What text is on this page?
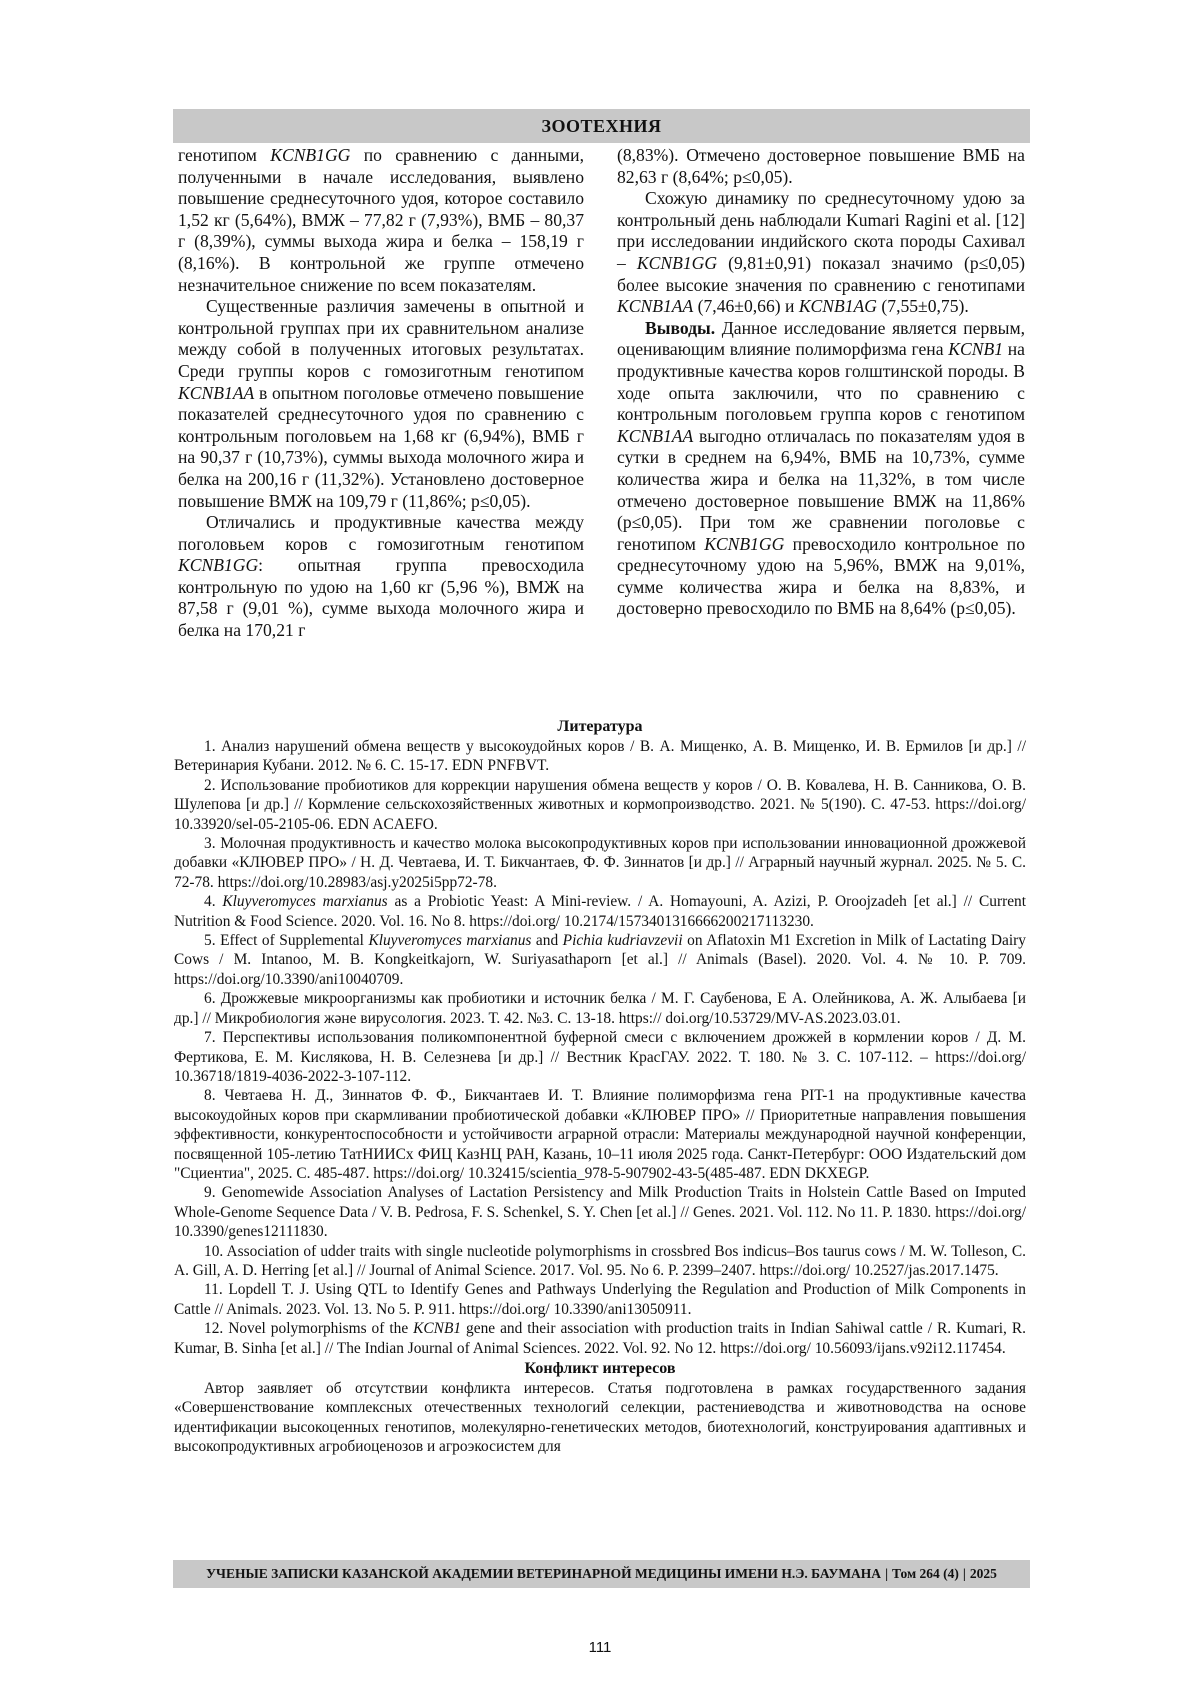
ЗООТЕХНИЯ

генотипом KCNB1GG по сравнению с данными, полученными в начале исследования, выявлено повышение среднесуточного удоя, которое составило 1,52 кг (5,64%), ВМЖ – 77,82 г (7,93%), ВМБ – 80,37 г (8,39%), суммы выхода жира и белка – 158,19 г (8,16%). В контрольной же группе отмечено незначительное снижение по всем показателям.

Существенные различия замечены в опытной и контрольной группах при их сравнительном анализе между собой в полученных итоговых результатах. Среди группы коров с гомозиготным генотипом KCNB1AA в опытном поголовье отмечено повышение показателей среднесуточного удоя по сравнению с контрольным поголовьем на 1,68 кг (6,94%), ВМБ г на 90,37 г (10,73%), суммы выхода молочного жира и белка на 200,16 г (11,32%). Установлено достоверное повышение ВМЖ на 109,79 г (11,86%; p≤0,05).

Отличались и продуктивные качества между поголовьем коров с гомозиготным генотипом KCNB1GG: опытная группа превосходила контрольную по удою на 1,60 кг (5,96 %), ВМЖ на 87,58 г (9,01 %), сумме выхода молочного жира и белка на 170,21 г

(8,83%). Отмечено достоверное повышение ВМБ на 82,63 г (8,64%; p≤0,05).

Схожую динамику по среднесуточному удою за контрольный день наблюдали Kumari Ragini et al. [12] при исследовании индийского скота породы Сахивал – KCNB1GG (9,81±0,91) показал значимо (p≤0,05) более высокие значения по сравнению с генотипами KCNB1AA (7,46±0,66) и KCNB1AG (7,55±0,75).

Выводы. Данное исследование является первым, оценивающим влияние полиморфизма гена KCNB1 на продуктивные качества коров голштинской породы. В ходе опыта заключили, что по сравнению с контрольным поголовьем группа коров с генотипом KCNB1AA выгодно отличалась по показателям удоя в сутки в среднем на 6,94%, ВМБ на 10,73%, сумме количества жира и белка на 11,32%, в том числе отмечено достоверное повышение ВМЖ на 11,86% (p≤0,05). При том же сравнении поголовье с генотипом KCNB1GG превосходило контрольное по среднесуточному удою на 5,96%, ВМЖ на 9,01%, сумме количества жира и белка на 8,83%, и достоверно превосходило по ВМБ на 8,64% (p≤0,05).

Литература

1. Анализ нарушений обмена веществ у высокоудойных коров / В. А. Мищенко, А. В. Мищенко, И. В. Ермилов [и др.] // Ветеринария Кубани. 2012. № 6. С. 15-17. EDN PNFBVT.

2. Использование пробиотиков для коррекции нарушения обмена веществ у коров / О. В. Ковалева, Н. В. Санникова, О. В. Шулепова [и др.] // Кормление сельскохозяйственных животных и кормопроизводство. 2021. № 5(190). С. 47-53. https://doi.org/ 10.33920/sel-05-2105-06. EDN ACAEFO.

3. Молочная продуктивность и качество молока высокопродуктивных коров при использовании инновационной дрожжевой добавки «КЛЮВЕР ПРО» / Н. Д. Чевтаева, И. Т. Бикчантаев, Ф. Ф. Зиннатов [и др.] // Аграрный научный журнал. 2025. № 5. С. 72-78. https://doi.org/10.28983/asj.y2025i5pp72-78.

4. Kluyveromyces marxianus as a Probiotic Yeast: A Mini-review. / A. Homayouni, A. Azizi, P. Oroojzadeh [et al.] // Current Nutrition & Food Science. 2020. Vol. 16. No 8. https://doi.org/ 10.2174/1573401316666200217113230.

5. Effect of Supplemental Kluyveromyces marxianus and Pichia kudriavzevii on Aflatoxin M1 Excretion in Milk of Lactating Dairy Cows / M. Intanoo, M. B. Kongkeitkajorn, W. Suriyasathaporn [et al.] // Animals (Basel). 2020. Vol. 4. № 10. P. 709. https://doi.org/10.3390/ani10040709.

6. Дрожжевые микроорганизмы как пробиотики и источник белка / М. Г. Саубенова, Е А. Олейникова, А. Ж. Алыбаева [и др.] // Микробиология және вирусология. 2023. Т. 42. №3. С. 13-18. https:// doi.org/10.53729/MV-AS.2023.03.01.

7. Перспективы использования поликомпонентной буферной смеси с включением дрожжей в кормлении коров / Д. М. Фертикова, Е. М. Кислякова, Н. В. Селезнева [и др.] // Вестник КрасГАУ. 2022. Т. 180. № 3. С. 107-112. – https://doi.org/ 10.36718/1819-4036-2022-3-107-112.

8. Чевтаева Н. Д., Зиннатов Ф. Ф., Бикчантаев И. Т. Влияние полиморфизма гена PIT-1 на продуктивные качества высокоудойных коров при скармливании пробиотической добавки «КЛЮВЕР ПРО» // Приоритетные направления повышения эффективности, конкурентоспособности и устойчивости аграрной отрасли: Материалы международной научной конференции, посвященной 105-летию ТатНИИСх ФИЦ КазНЦ РАН, Казань, 10–11 июля 2025 года. Санкт-Петербург: ООО Издательский дом "Сциентиа", 2025. С. 485-487. https://doi.org/ 10.32415/scientia_978-5-907902-43-5(485-487. EDN DKXEGP.

9. Genomewide Association Analyses of Lactation Persistency and Milk Production Traits in Holstein Cattle Based on Imputed Whole-Genome Sequence Data / V. B. Pedrosa, F. S. Schenkel, S. Y. Chen [et al.] // Genes. 2021. Vol. 112. No 11. P. 1830. https://doi.org/ 10.3390/genes12111830.

10. Association of udder traits with single nucleotide polymorphisms in crossbred Bos indicus–Bos taurus cows / M. W. Tolleson, C. A. Gill, A. D. Herring [et al.] // Journal of Animal Science. 2017. Vol. 95. No 6. P. 2399–2407. https://doi.org/ 10.2527/jas.2017.1475.

11. Lopdell T. J. Using QTL to Identify Genes and Pathways Underlying the Regulation and Production of Milk Components in Cattle // Animals. 2023. Vol. 13. No 5. P. 911. https://doi.org/ 10.3390/ani13050911.

12. Novel polymorphisms of the KCNB1 gene and their association with production traits in Indian Sahiwal cattle / R. Kumari, R. Kumar, B. Sinha [et al.] // The Indian Journal of Animal Sciences. 2022. Vol. 92. No 12. https://doi.org/ 10.56093/ijans.v92i12.117454.

Конфликт интересов

Автор заявляет об отсутствии конфликта интересов. Статья подготовлена в рамках государственного задания «Совершенствование комплексных отечественных технологий селекции, растениеводства и животноводства на основе идентификации высокоценных генотипов, молекулярно-генетических методов, биотехнологий, конструирования адаптивных и высокопродуктивных агробиоценозов и агроэкосистем для

УЧЕНЫЕ ЗАПИСКИ КАЗАНСКОЙ АКАДЕМИИ ВЕТЕРИНАРНОЙ МЕДИЦИНЫ ИМЕНИ Н.Э. БАУМАНА | Том 264 (4) | 2025
111
